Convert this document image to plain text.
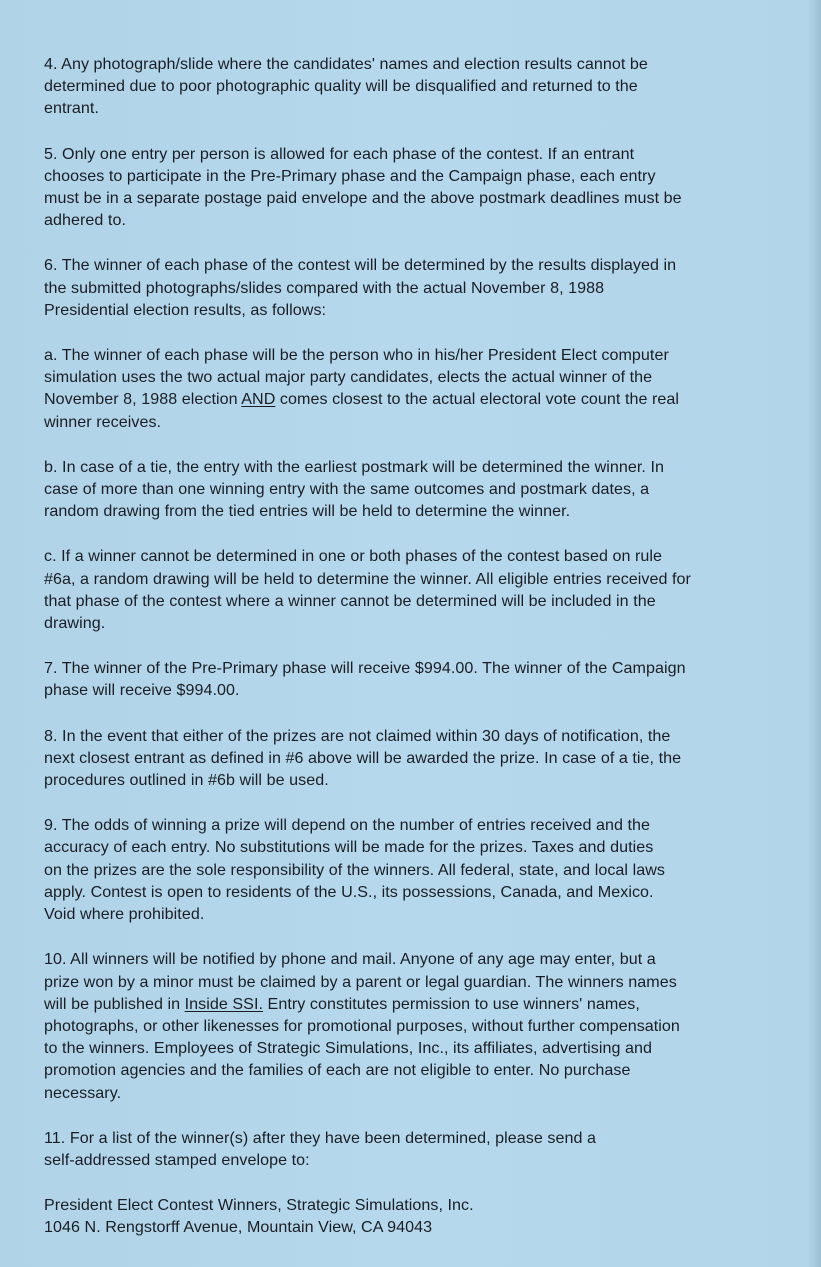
4. Any photograph/slide where the candidates' names and election results cannot be
determined due to poor photographic quality will be disqualified and returned to the
entrant.

5. Only one entry per person is allowed for each phase of the contest. If an entrant
chooses to participate in the Pre-Primary phase and the Campaign phase, each entry
must be in a separate postage paid envelope and the above postmark deadlines must be
adhered to.

6. The winner of each phase of the contest will be determined by the results displayed in
the submitted photographs/slides compared with the actual November 8, 1988
Presidential election results, as follows:

a. The winner of each phase will be the person who in his/her President Elect computer
simulation uses the two actual major party candidates, elects the actual winner of the
November 8, 1988 election AND comes closest to the actual electoral vote count the real
winner receives.

b. In case of a tie, the entry with the earliest postmark will be determined the winner. In
case of more than one winning entry with the same outcomes and postmark dates, a
random drawing from the tied entries will be held to determine the winner.

c. If a winner cannot be determined in one or both phases of the contest based on rule
#6a, a random drawing will be held to determine the winner. All eligible entries received for
that phase of the contest where a winner cannot be determined will be included in the
drawing.

7. The winner of the Pre-Primary phase will receive $994.00. The winner of the Campaign
phase will receive $994.00.

8. In the event that either of the prizes are not claimed within 30 days of notification, the
next closest entrant as defined in #6 above will be awarded the prize. In case of a tie, the
procedures outlined in #6b will be used.

9. The odds of winning a prize will depend on the number of entries received and the
accuracy of each entry. No substitutions will be made for the prizes. Taxes and duties
on the prizes are the sole responsibility of the winners. All federal, state, and local laws
apply. Contest is open to residents of the U.S., its possessions, Canada, and Mexico.
Void where prohibited.

10. All winners will be notified by phone and mail. Anyone of any age may enter, but a
prize won by a minor must be claimed by a parent or legal guardian. The winners names
will be published in Inside SSI. Entry constitutes permission to use winners' names,
photographs, or other likenesses for promotional purposes, without further compensation
to the winners. Employees of Strategic Simulations, Inc., its affiliates, advertising and
promotion agencies and the families of each are not eligible to enter. No purchase
necessary.

11. For a list of the winner(s) after they have been determined, please send a
self-addressed stamped envelope to:

President Elect Contest Winners, Strategic Simulations, Inc.
1046 N. Rengstorff Avenue, Mountain View, CA 94043
